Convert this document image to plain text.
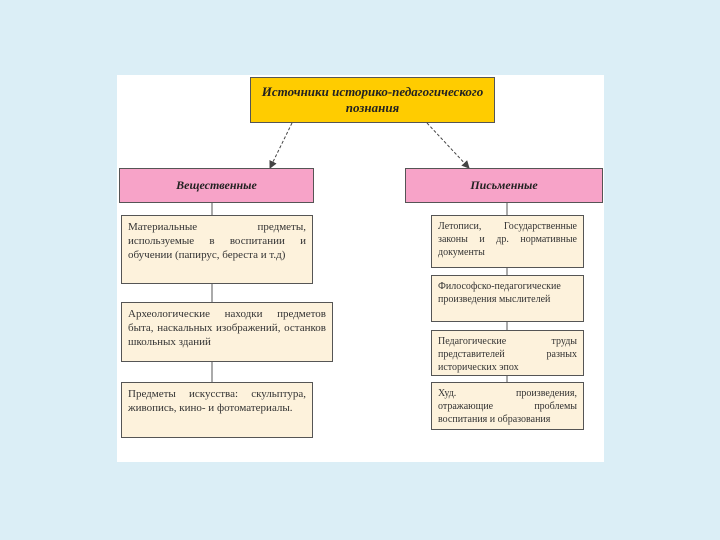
Источники историко-педагогического познания
Вещественные	Письменные
Материальные предметы, используемые в воспитании и обучении (папирус, береста и т.д)
Археологические находки предметов быта, наскальных изображений, останков школьных зданий
Предметы искусства: скульптура, живопись, кино- и фотоматериалы.
Летописи, Государственные законы и др. нормативные документы
Философско-педагогические произведения мыслителей
Педагогические труды представителей разных исторических эпох
Худ. произведения, отражающие проблемы воспитания и образования
